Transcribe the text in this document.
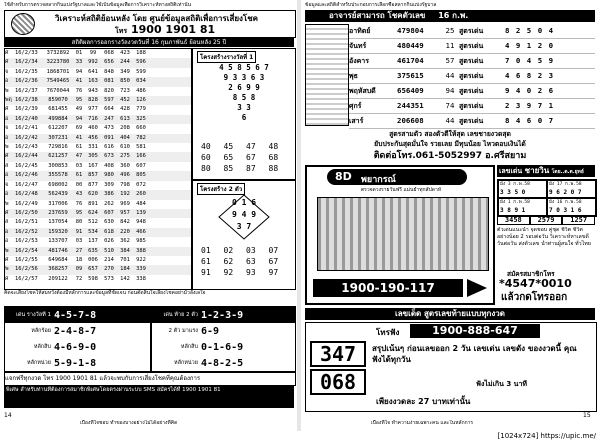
ใช้สำหรับการตรวจสลากกินแบ่งรัฐบาลและใช้เป็นข้อมูลเพื่อการวิเคราะห์ทางสถิติเท่านั้น
วิเคราะห์สถิติย้อนหลัง โดย ศูนย์ข้อมูลสถิติเพื่อการเสี่ยงโชค
โทร 1900 1901 81
สถิติผลการออกรางวัลงวดวันที่ 16 กุมภาพันธ์ ย้อนหลัง 25 ปี
ศ	16/2/33	3732892	01	99	068	423	188
ศ	16/2/34	3223780	33	992	656	244	596
จ	16/2/35	1868701	94	641	848	349	599
อ	16/2/36	7549465	41	163	081	850	034
พ	16/2/37	7670044	76	943	820	723	486
พฤ 16/2/38	859070	95	828	597	452	126
ศ	16/2/39	681455	49	977	664	428	779
อ	16/2/40	499884	94	716	247	613	325
จ	16/2/41	612207	69	460	473	208	660
อ	16/2/42	307231	41	456	091	404	782
พ	16/2/43	729816	61	331	616	610	581
ศ	16/2/44	621257	47	305	673	275	166
ส	16/2/45	300853	03	167	408	360	607
อ	16/2/46	355578	61	857	980	496	805
จ	16/2/47	698002	00	877	309	798	072
อ	16/2/48	562439	43	620	386	192	260
พ	16/2/49	317006	76	891	262	969	484
ศ	16/2/50	237659	95	624	607	957	139
ส	16/2/51	137054	80	512	630	842	948
อ	16/2/52	159320	91	534	618	220	466
อ	16/2/53	133707	03	137	026	362	985
พ	16/2/54	481746	27	635	510	384	388
ศ	16/2/55	649684	18	006	214	701	922
พ	16/2/56	368257	09	657	270	184	339
ศ	16/2/57	209122	72	598	573	142	338
โครงสร้างรางวัลที่ 1
4 5 8 5 6 7
9 3 3 6 3
2 6 9 9
8 5 8
3 3
6
40	45	47	48
60	65	67	68
80	85	87	88
โครงสร้าง 2 ตัว
0 1 6
9 4 9
3 7
01	02	03	07
61	62	63	67
91	92	93	97
คิดจะเสี่ยงโชคให้สมหวังต้องมีหลักการและข้อมูลที่ชัดเจน ก่อนตัดสินใจเลี่ยงโชคอย่ามัวลังเลใจ
เด่น รางวัลที่ 1 4-5-7-8
หลักร้อย 2-4-8-7
หลักสิบ 4-6-9-0
หลักหน่วย 5-9-1-8
เด่น ท้าย 2 ตัว 1-2-3-9
2 ตัว มาแรง 6-9
หลักสิบ 0-1-6-9
หลักหน่วย 4-8-2-5
แจกฟรีทุกงวด โทร 1900 1901 81 แล้วจะพบกับการเสี่ยงโชคที่คุณต้องการ
พิเศษ สำหรับท่านที่ต้องการสมาชิกพิเศษโดยตรงผ่านระบบ SMS สมัครได้ที่ 1900 1901 81
14
เบื้องที่ใจชอบ ทำของบางอย่างไม่ได้อย่างที่คิด
ข้อมูลและสถิติสำหรับประกอบการเลือกซื้อสลากกินแบ่งรัฐบาล
อาจารย์สามารถ โชคตัวเลข 16 ก.พ.
อาทิตย์	479804	25 สูตรเด่น	8 2 5 0 4
จันทร์	480449	11 สูตรเด่น	4 9 1 2 0
อังคาร	461704	57 สูตรเด่น	7 0 4 5 9
พุธ	375615	44 สูตรเด่น	4 6 8 2 3
พฤหัสบดี	656409	94 สูตรเด่น	9 4 0 2 6
ศุกร์	244351	74 สูตรเด่น	2 3 9 7 1
เสาร์	206608	44 สูตรเด่น	8 4 6 0 7
สูตรสามตัว สองตัวตีให้สุด เลขชายงวดสุด
ยับประกันสุดมั่นใจ รวยเลย มีทุนน้อย ไหวตอบเงินได้
ติดต่อโทร.061-5052997 อ.ศรีสยาม
8D พยากรณ์
ตรวจดวงรายวันฟรี แม่นยำทุกสัปดาห์
1900-190-117
เลขเด่น ชายวิน โดย..ด.ต.ยุทธ์
ม้ง 3 ก.พ.58
3 3 5 0
ม้ง 17 ก.พ.58
9 6 2 0 7
ม้ง 1 ก.พ.58
3 8 9 1
ม้ง 16 ก.พ.58
7 0 3 1 6
3458	2579	1257
ตัวเด่นแนะนำ จุดชอบ คู่ชุด ชีวิต ชีวิต อย่างน้อย 2 รอบต่อวัน วิเคราะห์หาเลขดี วันต่อวัน ส่งตัวเลข นำท่านผู้สนใจ ทั่วไทย
สมัครสมาชิกโทร
*4547*0010
แล้วกดโทรออก
เลขเด็ด สูตรเลขท้ายแบบทุกงวด
โทรฟัง	1900-888-647
347
068
สรุปเน้นๆ ก่อนเลขออก 2 วัน เลขเด่น เลขดัง ของงวดนี้ คุณฟังได้ทุกวัน
ฟังไม่เกิน 3 นาที
เพียงงวดละ 27 บาทเท่านั้น
15
เบื้องที่ใจ ทำความง่ายเฉพาะคน และในหลักการ
[1024x724] https://upic.me/
